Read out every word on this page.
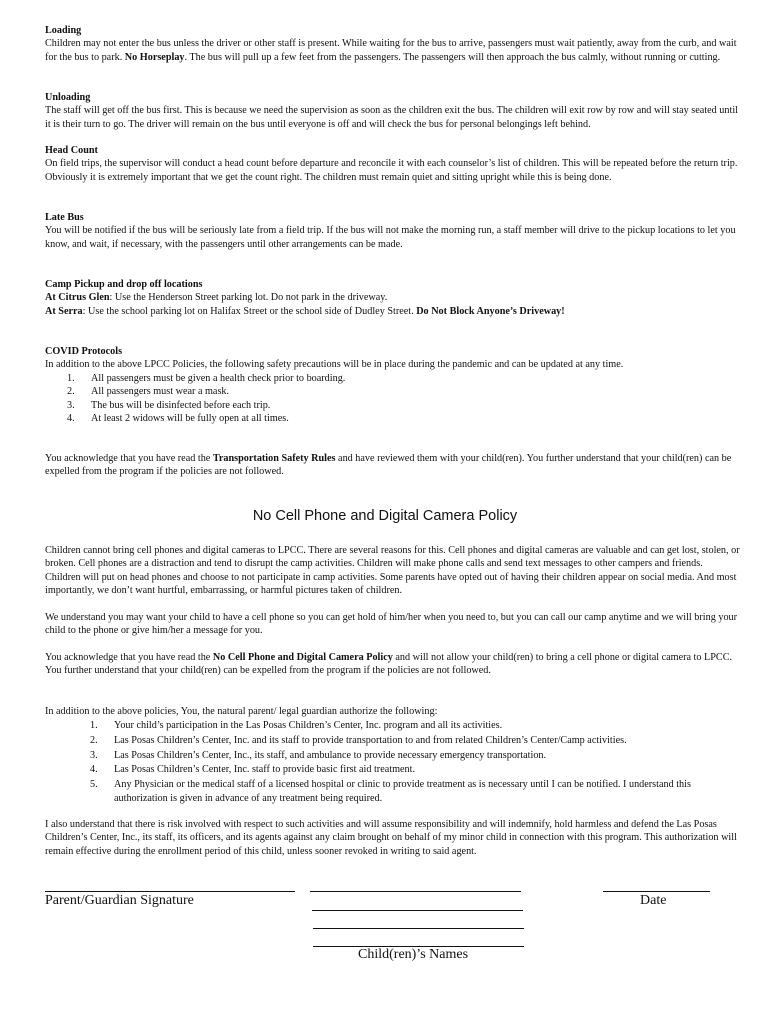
Loading
Children may not enter the bus unless the driver or other staff is present. While waiting for the bus to arrive, passengers must wait patiently, away from the curb, and wait for the bus to park. No Horseplay. The bus will pull up a few feet from the passengers. The passengers will then approach the bus calmly, without running or cutting.
Unloading
The staff will get off the bus first. This is because we need the supervision as soon as the children exit the bus. The children will exit row by row and will stay seated until it is their turn to go. The driver will remain on the bus until everyone is off and will check the bus for personal belongings left behind.
Head Count
On field trips, the supervisor will conduct a head count before departure and reconcile it with each counselor’s list of children. This will be repeated before the return trip. Obviously it is extremely important that we get the count right. The children must remain quiet and sitting upright while this is being done.
Late Bus
You will be notified if the bus will be seriously late from a field trip. If the bus will not make the morning run, a staff member will drive to the pickup locations to let you know, and wait, if necessary, with the passengers until other arrangements can be made.
Camp Pickup and drop off locations
At Citrus Glen: Use the Henderson Street parking lot. Do not park in the driveway.
At Serra: Use the school parking lot on Halifax Street or the school side of Dudley Street. Do Not Block Anyone’s Driveway!
COVID Protocols
In addition to the above LPCC Policies, the following safety precautions will be in place during the pandemic and can be updated at any time.
1. All passengers must be given a health check prior to boarding.
2. All passengers must wear a mask.
3. The bus will be disinfected before each trip.
4. At least 2 widows will be fully open at all times.
You acknowledge that you have read the Transportation Safety Rules and have reviewed them with your child(ren). You further understand that your child(ren) can be expelled from the program if the policies are not followed.
No Cell Phone and Digital Camera Policy
Children cannot bring cell phones and digital cameras to LPCC. There are several reasons for this. Cell phones and digital cameras are valuable and can get lost, stolen, or broken. Cell phones are a distraction and tend to disrupt the camp activities. Children will make phone calls and send text messages to other campers and friends. Children will put on head phones and choose to not participate in camp activities. Some parents have opted out of having their children appear on social media. And most importantly, we don’t want hurtful, embarrassing, or harmful pictures taken of children.
We understand you may want your child to have a cell phone so you can get hold of him/her when you need to, but you can call our camp anytime and we will bring your child to the phone or give him/her a message for you.
You acknowledge that you have read the No Cell Phone and Digital Camera Policy and will not allow your child(ren) to bring a cell phone or digital camera to LPCC. You further understand that your child(ren) can be expelled from the program if the policies are not followed.
In addition to the above policies, You, the natural parent/ legal guardian authorize the following:
1. Your child’s participation in the Las Posas Children’s Center, Inc. program and all its activities.
2. Las Posas Children’s Center, Inc. and its staff to provide transportation to and from related Children’s Center/Camp activities.
3. Las Posas Children’s Center, Inc., its staff, and ambulance to provide necessary emergency transportation.
4. Las Posas Children’s Center, Inc. staff to provide basic first aid treatment.
5. Any Physician or the medical staff of a licensed hospital or clinic to provide treatment as is necessary until I can be notified. I understand this authorization is given in advance of any treatment being required.
I also understand that there is risk involved with respect to such activities and will assume responsibility and will indemnify, hold harmless and defend the Las Posas Children’s Center, Inc., its staff, its officers, and its agents against any claim brought on behalf of my minor child in connection with this program. This authorization will remain effective during the enrollment period of this child, unless sooner revoked in writing to said agent.
Parent/Guardian Signature	Date
Child(ren)’s Names
